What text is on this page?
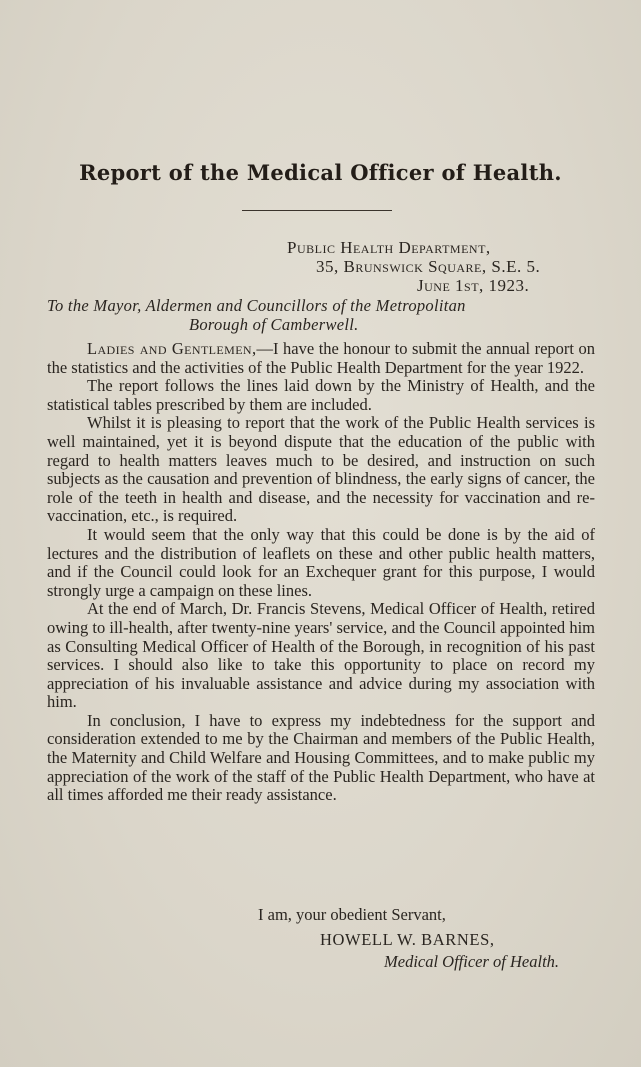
Report of the Medical Officer of Health.
Public Health Department,
35, Brunswick Square, S.E. 5.
June 1st, 1923.
To the Mayor, Aldermen and Councillors of the Metropolitan
Borough of Camberwell.

Ladies and Gentlemen,—I have the honour to submit the annual report on the statistics and the activities of the Public Health Department for the year 1922.

The report follows the lines laid down by the Ministry of Health, and the statistical tables prescribed by them are included.

Whilst it is pleasing to report that the work of the Public Health services is well maintained, yet it is beyond dispute that the education of the public with regard to health matters leaves much to be desired, and instruction on such subjects as the causation and prevention of blindness, the early signs of cancer, the role of the teeth in health and disease, and the necessity for vaccination and re-vaccination, etc., is required.

It would seem that the only way that this could be done is by the aid of lectures and the distribution of leaflets on these and other public health matters, and if the Council could look for an Exchequer grant for this purpose, I would strongly urge a campaign on these lines.

At the end of March, Dr. Francis Stevens, Medical Officer of Health, retired owing to ill-health, after twenty-nine years' service, and the Council appointed him as Consulting Medical Officer of Health of the Borough, in recognition of his past services. I should also like to take this opportunity to place on record my appreciation of his invaluable assistance and advice during my association with him.

In conclusion, I have to express my indebtedness for the support and consideration extended to me by the Chairman and members of the Public Health, the Maternity and Child Welfare and Housing Committees, and to make public my appreciation of the work of the staff of the Public Health Department, who have at all times afforded me their ready assistance.

I am, your obedient Servant,
HOWELL W. BARNES,
Medical Officer of Health.
